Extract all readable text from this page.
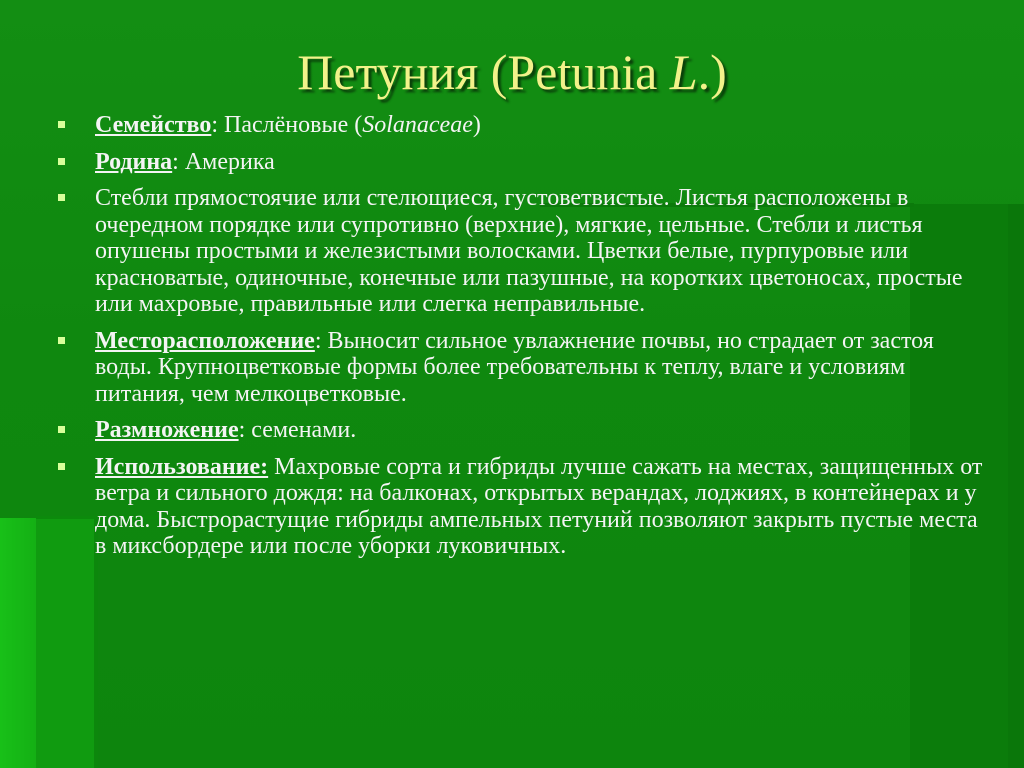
Петуния (Petunia L.)
Семейство: Паслёновые (Solanaceae)
Родина: Америка
Стебли прямостоячие или стелющиеся, густоветвистые. Листья расположены в очередном порядке или супротивно (верхние), мягкие, цельные. Стебли и листья опушены простыми и железистыми волосками. Цветки белые, пурпуровые или красноватые, одиночные, конечные или пазушные, на коротких цветоносах, простые или махровые, правильные или слегка неправильные.
Месторасположение: Выносит сильное увлажнение почвы, но страдает от застоя воды. Крупноцветковые формы более требовательны к теплу, влаге и условиям питания, чем мелкоцветковые.
Размножение: семенами.
Использование: Махровые сорта и гибриды лучше сажать на местах, защищенных от ветра и сильного дождя: на балконах, открытых верандах, лоджиях, в контейнерах и у дома. Быстрорастущие гибриды ампельных петуний позволяют закрыть пустые места в миксбордере или после уборки луковичных.
